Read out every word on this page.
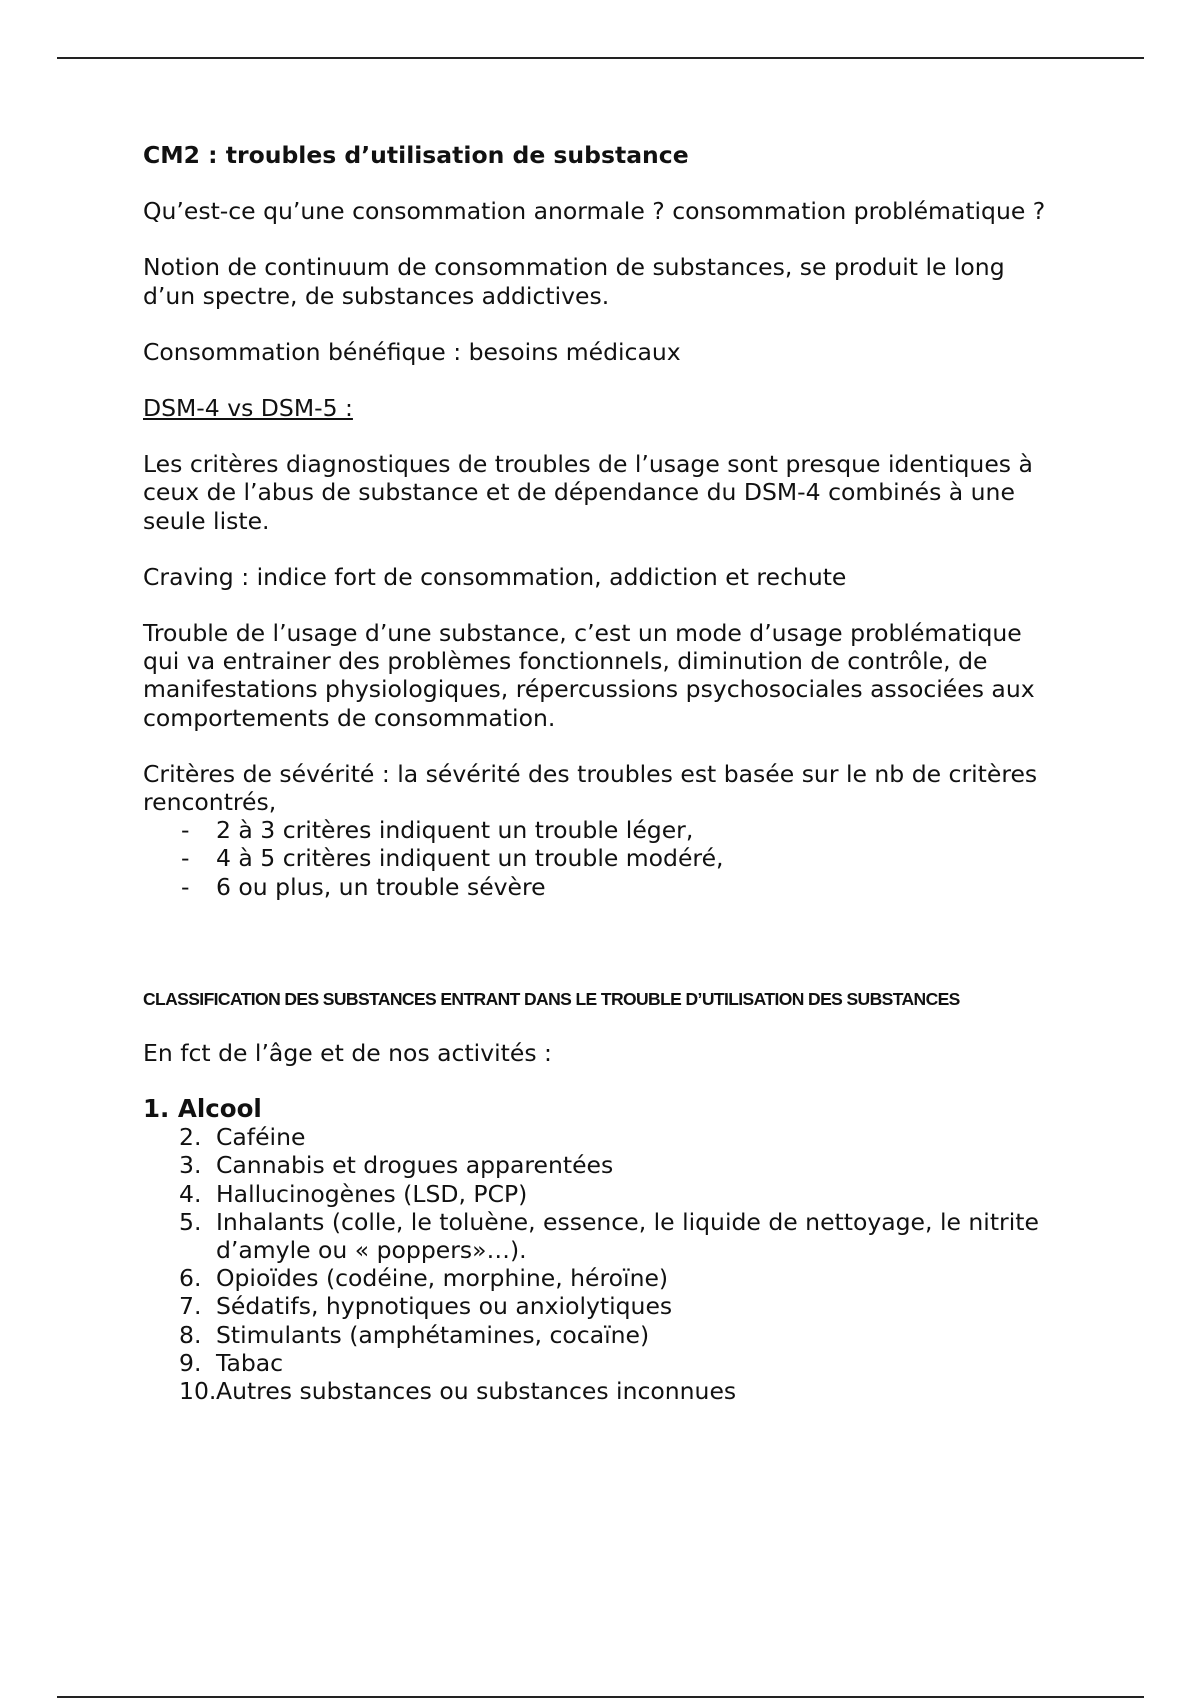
CM2 : troubles d’utilisation de substance

Qu’est-ce qu’une consommation anormale ? consommation problématique ?

Notion de continuum de consommation de substances, se produit le long d’un spectre, de substances addictives.

Consommation bénéfique : besoins médicaux

DSM-4 vs DSM-5 :

Les critères diagnostiques de troubles de l’usage sont presque identiques à ceux de l’abus de substance et de dépendance du DSM-4 combinés à une seule liste.

Craving : indice fort de consommation, addiction et rechute

Trouble de l’usage d’une substance, c’est un mode d’usage problématique qui va entrainer des problèmes fonctionnels, diminution de contrôle, de manifestations physiologiques, répercussions psychosociales associées aux comportements de consommation.

Critères de sévérité : la sévérité des troubles est basée sur le nb de critères rencontrés,
- 2 à 3 critères indiquent un trouble léger,
- 4 à 5 critères indiquent un trouble modéré,
- 6 ou plus, un trouble sévère
CLASSIFICATION DES SUBSTANCES ENTRANT DANS LE TROUBLE D’UTILISATION DES SUBSTANCES
En fct de l’âge et de nos activités :
1. Alcool
2. Caféine
3. Cannabis et drogues apparentées
4. Hallucinogènes (LSD, PCP)
5. Inhalants (colle, le toluène, essence, le liquide de nettoyage, le nitrite d’amyle ou « poppers»…).
6. Opioïdes (codéine, morphine, héroïne)
7. Sédatifs, hypnotiques ou anxiolytiques
8. Stimulants (amphétamines, cocaïne)
9. Tabac
10. Autres substances ou substances inconnues
